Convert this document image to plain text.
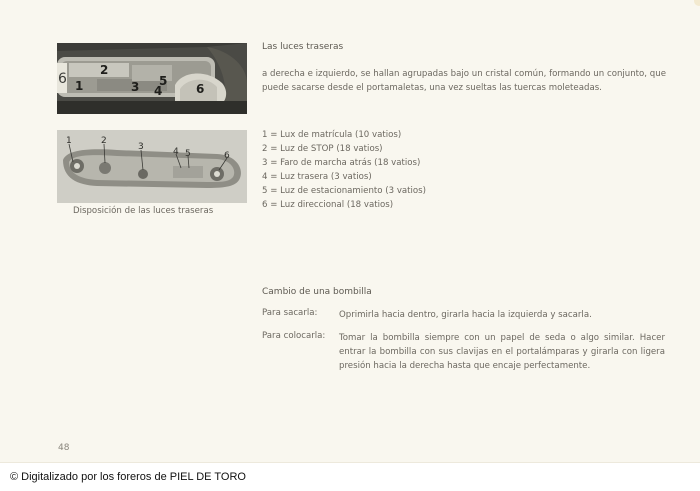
6 1
2
3 4
5
6
1	2
3	4 5	6
Disposición de las luces traseras

Las luces traseras

a derecha e izquierdo, se hallan agrupadas bajo un cristal común, formando un conjunto, que puede sacarse desde el portamaletas, una vez sueltas las tuercas moleteadas.

1 = Lux de matrícula (10 vatios)
2 = Luz de STOP (18 vatios)
3 = Faro de marcha atrás (18 vatios)
4 = Luz trasera (3 vatios)
5 = Luz de estacionamiento (3 vatios)
6 = Luz direccional (18 vatios)

Cambio de una bombilla

Para sacarla:	Oprimirla hacia dentro, girarla hacia la izquierda y sacarla.

Para colocarla: Tomar la bombilla siempre con un papel de seda o algo similar. Hacer entrar la bombilla con sus clavijas en el portalámparas y girarla con ligera presión hacia la derecha hasta que encaje perfectamente.

48
© Digitalizado por los foreros de PIEL DE TORO
